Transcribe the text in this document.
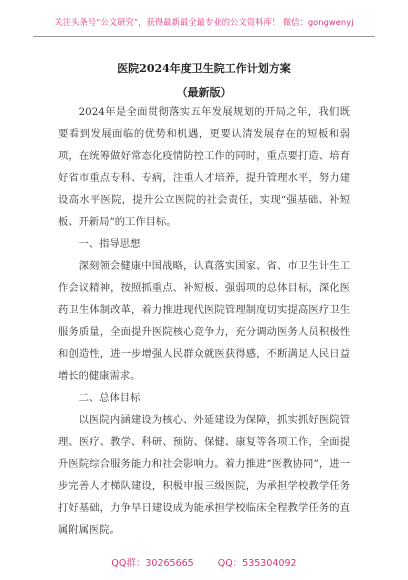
关注头条号“公文研究”，获得最新最全最专业的公文资料库！ 微信：gongwenyj
医院2024年度卫生院工作计划方案
（最新版）

2024年是全面贯彻落实五年发展规划的开局之年，我们既要看到发展面临的优势和机遇，更要认清发展存在的短板和弱项，在统筹做好常态化疫情防控工作的同时，重点要打造、培育好省市重点专科、专病，注重人才培养，提升管理水平，努力建设高水平医院，提升公立医院的社会责任，实现“强基础、补短板、开新局”的工作目标。

一、指导思想

深刻领会健康中国战略，认真落实国家、省、市卫生计生工作会议精神，按照抓重点、补短板、强弱项的总体目标，深化医药卫生体制改革，着力推进现代医院管理制度切实提高医疗卫生服务质量，全面提升医院核心竞争力，充分调动医务人员积极性和创造性，进一步增强人民群众就医获得感，不断满足人民日益增长的健康需求。

二、总体目标

以医院内涵建设为核心、外延建设为保障，抓实抓好医院管理、医疗、教学、科研、预防、保健、康复等各项工作，全面提升医院综合服务能力和社会影响力。着力推进“医教协同”，进一步完善人才梯队建设，积极申报三级医院，为承担学校教学任务打好基础，力争早日建设成为能承担学校临床全程教学任务的直属附属医院。

QQ群：30265665	QQ：535304092
